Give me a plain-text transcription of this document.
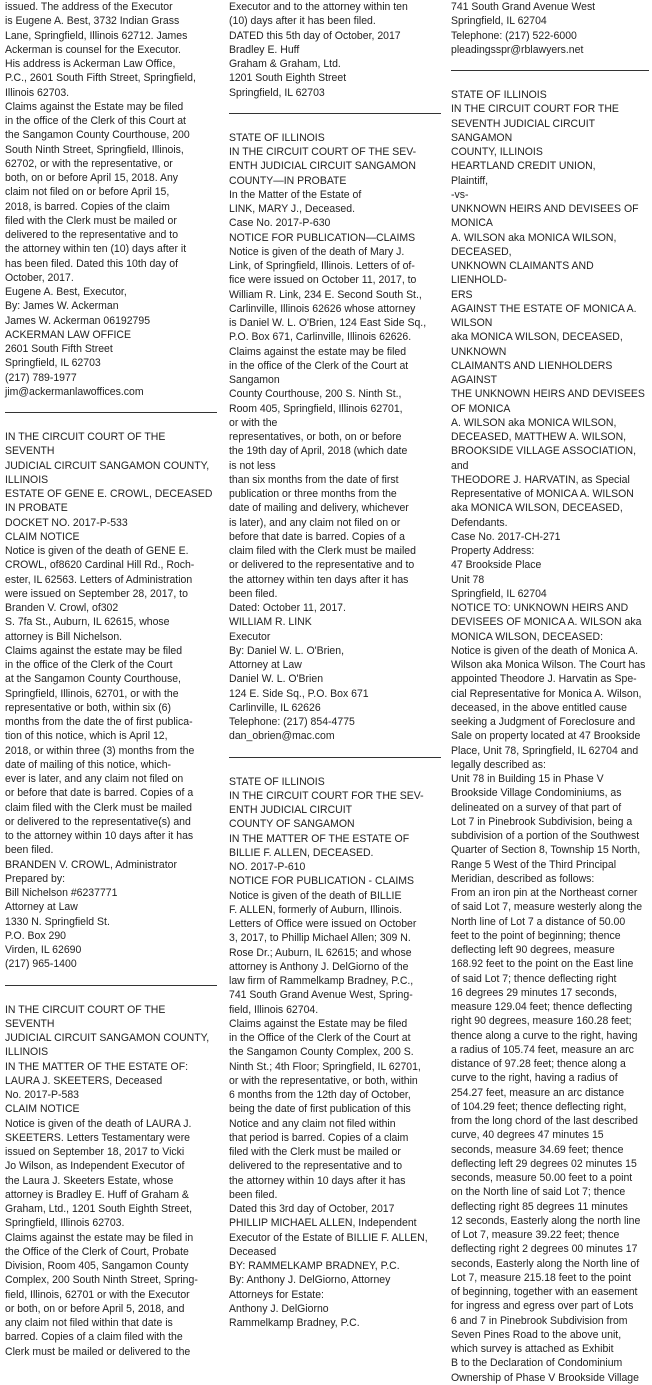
issued. The address of the Executor

is Eugene A. Best, 3732 Indian Grass

Lane, Springfield, Illinois 62712. James

Ackerman is counsel for the Executor.

His address is Ackerman Law Office,

P.C., 2601 South Fifth Street, Springfield,

Illinois 62703.

Claims against the Estate may be filed

in the office of the Clerk of this Court at

the Sangamon County Courthouse, 200

South Ninth Street, Springfield, Illinois,

62702, or with the representative, or

both, on or before April 15, 2018. Any

claim not filed on or before April 15,

2018, is barred. Copies of the claim

filed with the Clerk must be mailed or

delivered to the representative and to

the attorney within ten (10) days after it

has been filed. Dated this 10th day of

October, 2017.

Eugene A. Best, Executor,

By: James W. Ackerman

James W. Ackerman 06192795

ACKERMAN LAW OFFICE

2601 South Fifth Street

Springfield, IL 62703

(217) 789-1977

jim@ackermanlawoffices.com

IN THE CIRCUIT COURT OF THE SEVENTH

JUDICIAL CIRCUIT SANGAMON COUNTY,

ILLINOIS

ESTATE OF GENE E. CROWL, DECEASED

IN PROBATE

DOCKET NO. 2017-P-533

CLAIM NOTICE

Notice is given of the death of GENE E.

CROWL, of8620 Cardinal Hill Rd., Roch-

ester, IL 62563. Letters of Administration

were issued on September 28, 2017, to

Branden V. Crowl, of302

S. 7fa St., Auburn, IL 62615, whose

attorney is Bill Nichelson.

Claims against the estate may be filed

in the office of the Clerk of the Court

at the Sangamon County Courthouse,

Springfield, Illinois, 62701, or with the

representative or both, within six (6)

months from the date the of first publica-

tion of this notice, which is April 12,

2018, or within three (3) months from the

date of mailing of this notice, which-

ever is later, and any claim not filed on

or before that date is barred. Copies of a

claim filed with the Clerk must be mailed

or delivered to the representative(s) and

to the attorney within 10 days after it has

been filed.

BRANDEN V. CROWL, Administrator

Prepared by:

Bill Nichelson #6237771

Attorney at Law

1330 N. Springfield St.

P.O. Box 290

Virden, IL 62690

(217) 965-1400

IN THE CIRCUIT COURT OF THE SEVENTH

JUDICIAL CIRCUIT SANGAMON COUNTY,

ILLINOIS

IN THE MATTER OF THE ESTATE OF:

LAURA J. SKEETERS, Deceased

No. 2017-P-583

CLAIM NOTICE

Notice is given of the death of LAURA J.

SKEETERS. Letters Testamentary were

issued on September 18, 2017 to Vicki

Jo Wilson, as Independent Executor of

the Laura J. Skeeters Estate, whose

attorney is Bradley E. Huff of Graham &

Graham, Ltd., 1201 South Eighth Street,

Springfield, Illinois 62703.

Claims against the estate may be filed in

the Office of the Clerk of Court, Probate

Division, Room 405, Sangamon County

Complex, 200 South Ninth Street, Spring-

field, Illinois, 62701 or with the Executor

or both, on or before April 5, 2018, and

any claim not filed within that date is

barred. Copies of a claim filed with the

Clerk must be mailed or delivered to the

Executor and to the attorney within ten

(10) days after it has been filed.

DATED this 5th day of October, 2017

Bradley E. Huff

Graham & Graham, Ltd.

1201 South Eighth Street

Springfield, IL 62703

STATE OF ILLINOIS

IN THE CIRCUIT COURT OF THE SEV-

ENTH JUDICIAL CIRCUIT SANGAMON

COUNTY—IN PROBATE

In the Matter of the Estate of

LINK, MARY J., Deceased.

Case No. 2017-P-630

NOTICE FOR PUBLICATION—CLAIMS

Notice is given of the death of Mary J.

Link, of Springfield, Illinois. Letters of of-

fice were issued on October 11, 2017, to

William R. Link, 234 E. Second South St.,

Carlinville, Illinois 62626 whose attorney

is Daniel W. L. O'Brien, 124 East Side Sq.,

P.O. Box 671, Carlinville, Illinois 62626.

Claims against the estate may be filed

in the office of the Clerk of the Court at

Sangamon

County Courthouse, 200 S. Ninth St.,

Room 405, Springfield, Illinois 62701,

or with the

representatives, or both, on or before

the 19th day of April, 2018 (which date

is not less

than six months from the date of first

publication or three months from the

date of mailing and delivery, whichever

is later), and any claim not filed on or

before that date is barred. Copies of a

claim filed with the Clerk must be mailed

or delivered to the representative and to

the attorney within ten days after it has

been filed.

Dated: October 11, 2017.

WILLIAM R. LINK

Executor

By: Daniel W. L. O'Brien,

Attorney at Law

Daniel W. L. O'Brien

124 E. Side Sq., P.O. Box 671

Carlinville, IL 62626

Telephone: (217) 854-4775

dan_obrien@mac.com

STATE OF ILLINOIS

IN THE CIRCUIT COURT FOR THE SEV-

ENTH JUDICIAL CIRCUIT

COUNTY OF SANGAMON

IN THE MATTER OF THE ESTATE OF

BILLIE F. ALLEN, DECEASED.

NO. 2017-P-610

NOTICE FOR PUBLICATION - CLAIMS

Notice is given of the death of BILLIE

F. ALLEN, formerly of Auburn, Illinois.

Letters of Office were issued on October

3, 2017, to Phillip Michael Allen; 309 N.

Rose Dr.; Auburn, IL 62615; and whose

attorney is Anthony J. DelGiorno of the

law firm of Rammelkamp Bradney, P.C.,

741 South Grand Avenue West, Spring-

field, Illinois 62704.

Claims against the Estate may be filed

in the Office of the Clerk of the Court at

the Sangamon County Complex, 200 S.

Ninth St.; 4th Floor; Springfield, IL 62701,

or with the representative, or both, within

6 months from the 12th day of October,

being the date of first publication of this

Notice and any claim not filed within

that period is barred. Copies of a claim

filed with the Clerk must be mailed or

delivered to the representative and to

the attorney within 10 days after it has

been filed.

Dated this 3rd day of October, 2017

PHILLIP MICHAEL ALLEN, Independent

Executor of the Estate of BILLIE F. ALLEN,

Deceased

BY: RAMMELKAMP BRADNEY, P.C.

By: Anthony J. DelGiorno, Attorney

Attorneys for Estate:

Anthony J. DelGiorno

Rammelkamp Bradney, P.C.

741 South Grand Avenue West

Springfield, IL 62704

Telephone: (217) 522-6000

pleadingsspr@rblawyers.net

STATE OF ILLINOIS

IN THE CIRCUIT COURT FOR THE

SEVENTH JUDICIAL CIRCUIT SANGAMON

COUNTY, ILLINOIS

HEARTLAND CREDIT UNION,

Plaintiff,

-vs-

UNKNOWN HEIRS AND DEVISEES OF

MONICA

A. WILSON aka MONICA WILSON,

DECEASED,

UNKNOWN CLAIMANTS AND LIENHOLD-

ERS

AGAINST THE ESTATE OF MONICA A.

WILSON

aka MONICA WILSON, DECEASED,

UNKNOWN

CLAIMANTS AND LIENHOLDERS AGAINST

THE UNKNOWN HEIRS AND DEVISEES

OF MONICA

A. WILSON aka MONICA WILSON,

DECEASED, MATTHEW A. WILSON,

BROOKSIDE VILLAGE ASSOCIATION, and

THEODORE J. HARVATIN, as Special

Representative of MONICA A. WILSON

aka MONICA WILSON, DECEASED,

Defendants.

Case No. 2017-CH-271

Property Address:

47 Brookside Place

Unit 78

Springfield, IL 62704

NOTICE TO: UNKNOWN HEIRS AND

DEVISEES OF MONICA A. WILSON aka

MONICA WILSON, DECEASED:

Notice is given of the death of Monica A.

Wilson aka Monica Wilson. The Court has

appointed Theodore J. Harvatin as Spe-

cial Representative for Monica A. Wilson,

deceased, in the above entitled cause

seeking a Judgment of Foreclosure and

Sale on property located at 47 Brookside

Place, Unit 78, Springfield, IL 62704 and

legally described as:

Unit 78 in Building 15 in Phase V

Brookside Village Condominiums, as

delineated on a survey of that part of

Lot 7 in Pinebrook Subdivision, being a

subdivision of a portion of the Southwest

Quarter of Section 8, Township 15 North,

Range 5 West of the Third Principal

Meridian, described as follows:

From an iron pin at the Northeast corner

of said Lot 7, measure westerly along the

North line of Lot 7 a distance of 50.00

feet to the point of beginning; thence

deflecting left 90 degrees, measure

168.92 feet to the point on the East line

of said Lot 7; thence deflecting right

16 degrees 29 minutes 17 seconds,

measure 129.04 feet; thence deflecting

right 90 degrees, measure 160.28 feet;

thence along a curve to the right, having

a radius of 105.74 feet, measure an arc

distance of 97.28 feet; thence along a

curve to the right, having a radius of

254.27 feet, measure an arc distance

of 104.29 feet; thence deflecting right,

from the long chord of the last described

curve, 40 degrees 47 minutes 15

seconds, measure 34.69 feet; thence

deflecting left 29 degrees 02 minutes 15

seconds, measure 50.00 feet to a point

on the North line of said Lot 7; thence

deflecting right 85 degrees 11 minutes

12 seconds, Easterly along the north line

of Lot 7, measure 39.22 feet; thence

deflecting right 2 degrees 00 minutes 17

seconds, Easterly along the North line of

Lot 7, measure 215.18 feet to the point

of beginning, together with an easement

for ingress and egress over part of Lots

6 and 7 in Pinebrook Subdivision from

Seven Pines Road to the above unit,

which survey is attached as Exhibit

B to the Declaration of Condominium

Ownership of Phase V Brookside Village
